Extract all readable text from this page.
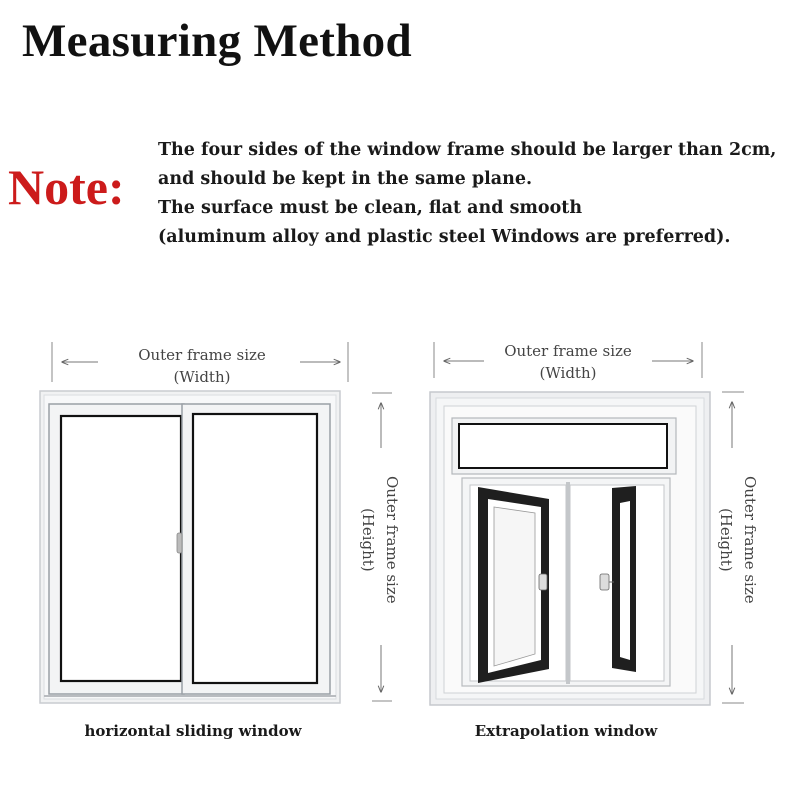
Measuring Method
Note:
The four sides of the window frame should be larger than 2cm,
and should be kept in the same plane.
The surface must be clean, flat and smooth
(aluminum alloy and plastic steel Windows are preferred).
Outer frame size
(Width)
Outer frame size
(Height)
horizontal sliding window
Outer frame size
(Width)
Outer frame size
(Height)
Extrapolation window
